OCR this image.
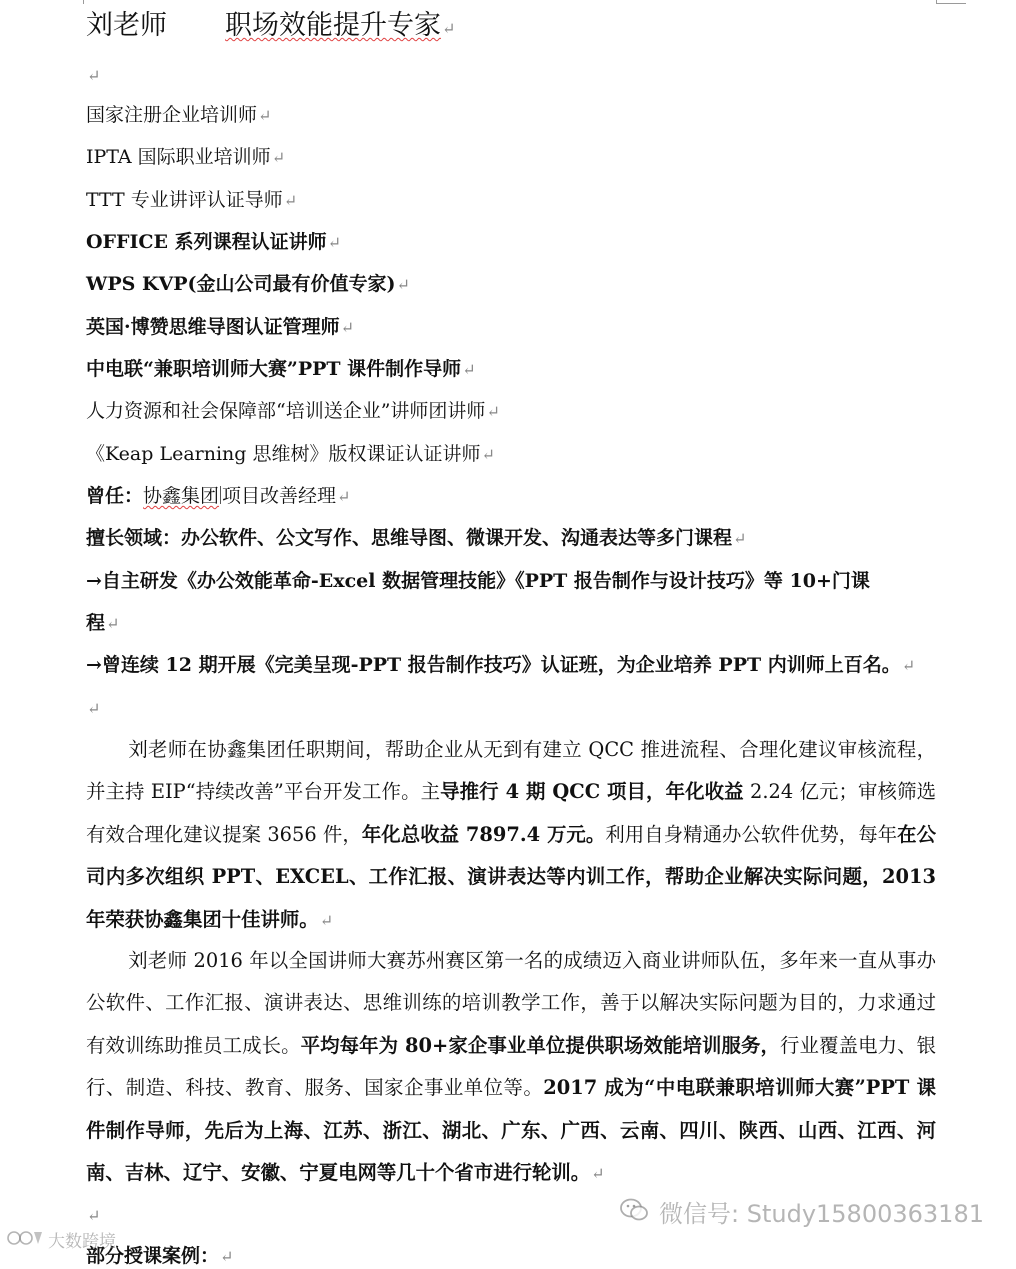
刘老师 职场效能提升专家↵
↵
国家注册企业培训师↵
IPTA 国际职业培训师↵
TTT 专业讲评认证导师↵
OFFICE 系列课程认证讲师↵
WPS KVP(金山公司最有价值专家)↵
英国·博赞思维导图认证管理师↵
中电联“兼职培训师大赛”PPT 课件制作导师↵
人力资源和社会保障部“培训送企业”讲师团讲师↵
《Keap Learning 思维树》版权课证认证讲师↵
曾任：协鑫集团 项目改善经理↵
擅长领域：办公软件、公文写作、思维导图、微课开发、沟通表达等多门课程↵
→自主研发《办公效能革命-Excel 数据管理技能》《PPT 报告制作与设计技巧》等 10+门课
程↵
→曾连续 12 期开展《完美呈现-PPT 报告制作技巧》认证班，为企业培养 PPT 内训师上百名。↵
↵
刘老师在协鑫集团任职期间，帮助企业从无到有建立 QCC 推进流程、合理化建议审核流程，并主持 EIP“持续改善”平台开发工作。主导推行 4 期 QCC 项目，年化收益 2.24 亿元；审核筛选有效合理化建议提案 3656 件，年化总收益 7897.4 万元。利用自身精通办公软件优势，每年在公司内多次组织 PPT、EXCEL、工作汇报、演讲表达等内训工作，帮助企业解决实际问题，2013 年荣获协鑫集团十佳讲师。↵
刘老师 2016 年以全国讲师大赛苏州赛区第一名的成绩迈入商业讲师队伍，多年来一直从事办公软件、工作汇报、演讲表达、思维训练的培训教学工作，善于以解决实际问题为目的，力求通过有效训练助推员工成长。平均每年为 80+家企事业单位提供职场效能培训服务，行业覆盖电力、银行、制造、科技、教育、服务、国家企事业单位等。2017 成为“中电联兼职培训师大赛”PPT 课件制作导师，先后为上海、江苏、浙江、湖北、广东、广西、云南、四川、陕西、山西、江西、河南、吉林、辽宁、安徽、宁夏电网等几十个省市进行轮训。↵
↵
部分授课案例：↵
微信号: Study15800363181
大数跨境
